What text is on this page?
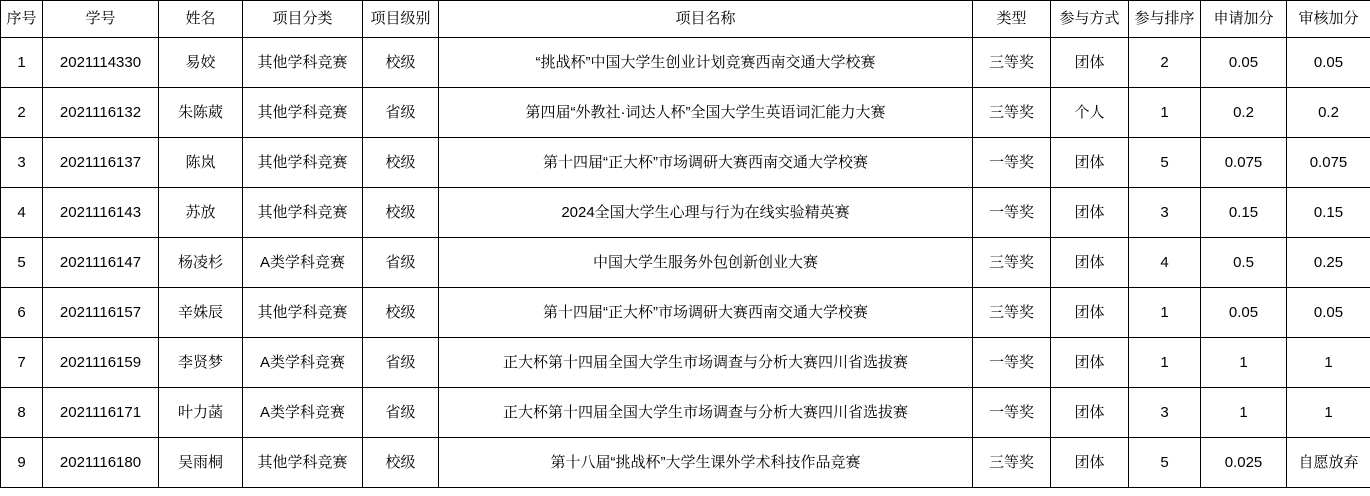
序号	学号	姓名	项目分类	项目级别	项目名称	类型	参与方式	参与排序	申请加分	审核加分
1	2021114330	易姣	其他学科竞赛	校级	“挑战杯”中国大学生创业计划竞赛西南交通大学校赛	三等奖	团体	2	0.05	0.05
2	2021116132	朱陈葳	其他学科竞赛	省级	第四届“外教社·词达人杯”全国大学生英语词汇能力大赛	三等奖	个人	1	0.2	0.2
3	2021116137	陈岚	其他学科竞赛	校级	第十四届“正大杯”市场调研大赛西南交通大学校赛	一等奖	团体	5	0.075	0.075
4	2021116143	苏放	其他学科竞赛	校级	2024全国大学生心理与行为在线实验精英赛	一等奖	团体	3	0.15	0.15
5	2021116147	杨凌杉	A类学科竞赛	省级	中国大学生服务外包创新创业大赛	三等奖	团体	4	0.5	0.25
6	2021116157	辛姝辰	其他学科竞赛	校级	第十四届“正大杯”市场调研大赛西南交通大学校赛	三等奖	团体	1	0.05	0.05
7	2021116159	李贤梦	A类学科竞赛	省级	正大杯第十四届全国大学生市场调查与分析大赛四川省选拔赛	一等奖	团体	1	1	1
8	2021116171	叶力菡	A类学科竞赛	省级	正大杯第十四届全国大学生市场调查与分析大赛四川省选拔赛	一等奖	团体	3	1	1
9	2021116180	吴雨桐	其他学科竞赛	校级	第十八届“挑战杯”大学生课外学术科技作品竞赛	三等奖	团体	5	0.025	自愿放弃
